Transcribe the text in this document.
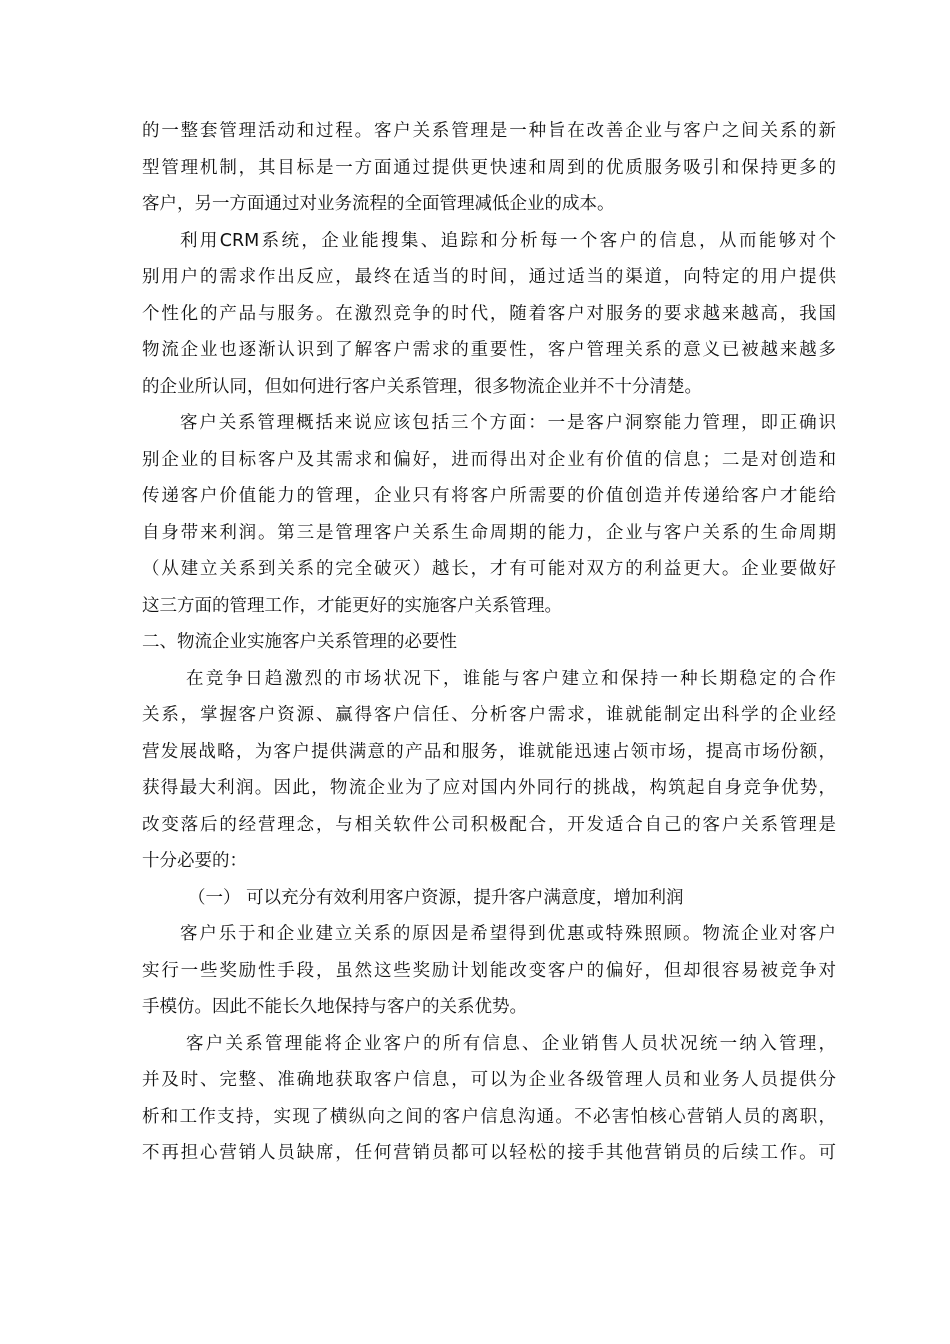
的一整套管理活动和过程。客户关系管理是一种旨在改善企业与客户之间关系的新
型管理机制，其目标是一方面通过提供更快速和周到的优质服务吸引和保持更多的
客户，另一方面通过对业务流程的全面管理减低企业的成本。
利用CRM系统，企业能搜集、追踪和分析每一个客户的信息，从而能够对个
别用户的需求作出反应，最终在适当的时间，通过适当的渠道，向特定的用户提供
个性化的产品与服务。在激烈竞争的时代，随着客户对服务的要求越来越高，我国
物流企业也逐渐认识到了解客户需求的重要性，客户管理关系的意义已被越来越多
的企业所认同，但如何进行客户关系管理，很多物流企业并不十分清楚。
客户关系管理概括来说应该包括三个方面：一是客户洞察能力管理，即正确识
别企业的目标客户及其需求和偏好，进而得出对企业有价值的信息；二是对创造和
传递客户价值能力的管理，企业只有将客户所需要的价值创造并传递给客户才能给
自身带来利润。第三是管理客户关系生命周期的能力，企业与客户关系的生命周期
（从建立关系到关系的完全破灭）越长，才有可能对双方的利益更大。企业要做好
这三方面的管理工作，才能更好的实施客户关系管理。
二、物流企业实施客户关系管理的必要性
在竞争日趋激烈的市场状况下，谁能与客户建立和保持一种长期稳定的合作
关系，掌握客户资源、赢得客户信任、分析客户需求，谁就能制定出科学的企业经
营发展战略，为客户提供满意的产品和服务，谁就能迅速占领市场，提高市场份额，
获得最大利润。因此，物流企业为了应对国内外同行的挑战，构筑起自身竞争优势，
改变落后的经营理念，与相关软件公司积极配合，开发适合自己的客户关系管理是
十分必要的：
（一） 可以充分有效利用客户资源，提升客户满意度，增加利润
客户乐于和企业建立关系的原因是希望得到优惠或特殊照顾。物流企业对客户
实行一些奖励性手段，虽然这些奖励计划能改变客户的偏好，但却很容易被竞争对
手模仿。因此不能长久地保持与客户的关系优势。
客户关系管理能将企业客户的所有信息、企业销售人员状况统一纳入管理，
并及时、完整、准确地获取客户信息，可以为企业各级管理人员和业务人员提供分
析和工作支持，实现了横纵向之间的客户信息沟通。不必害怕核心营销人员的离职，
不再担心营销人员缺席，任何营销员都可以轻松的接手其他营销员的后续工作。可
